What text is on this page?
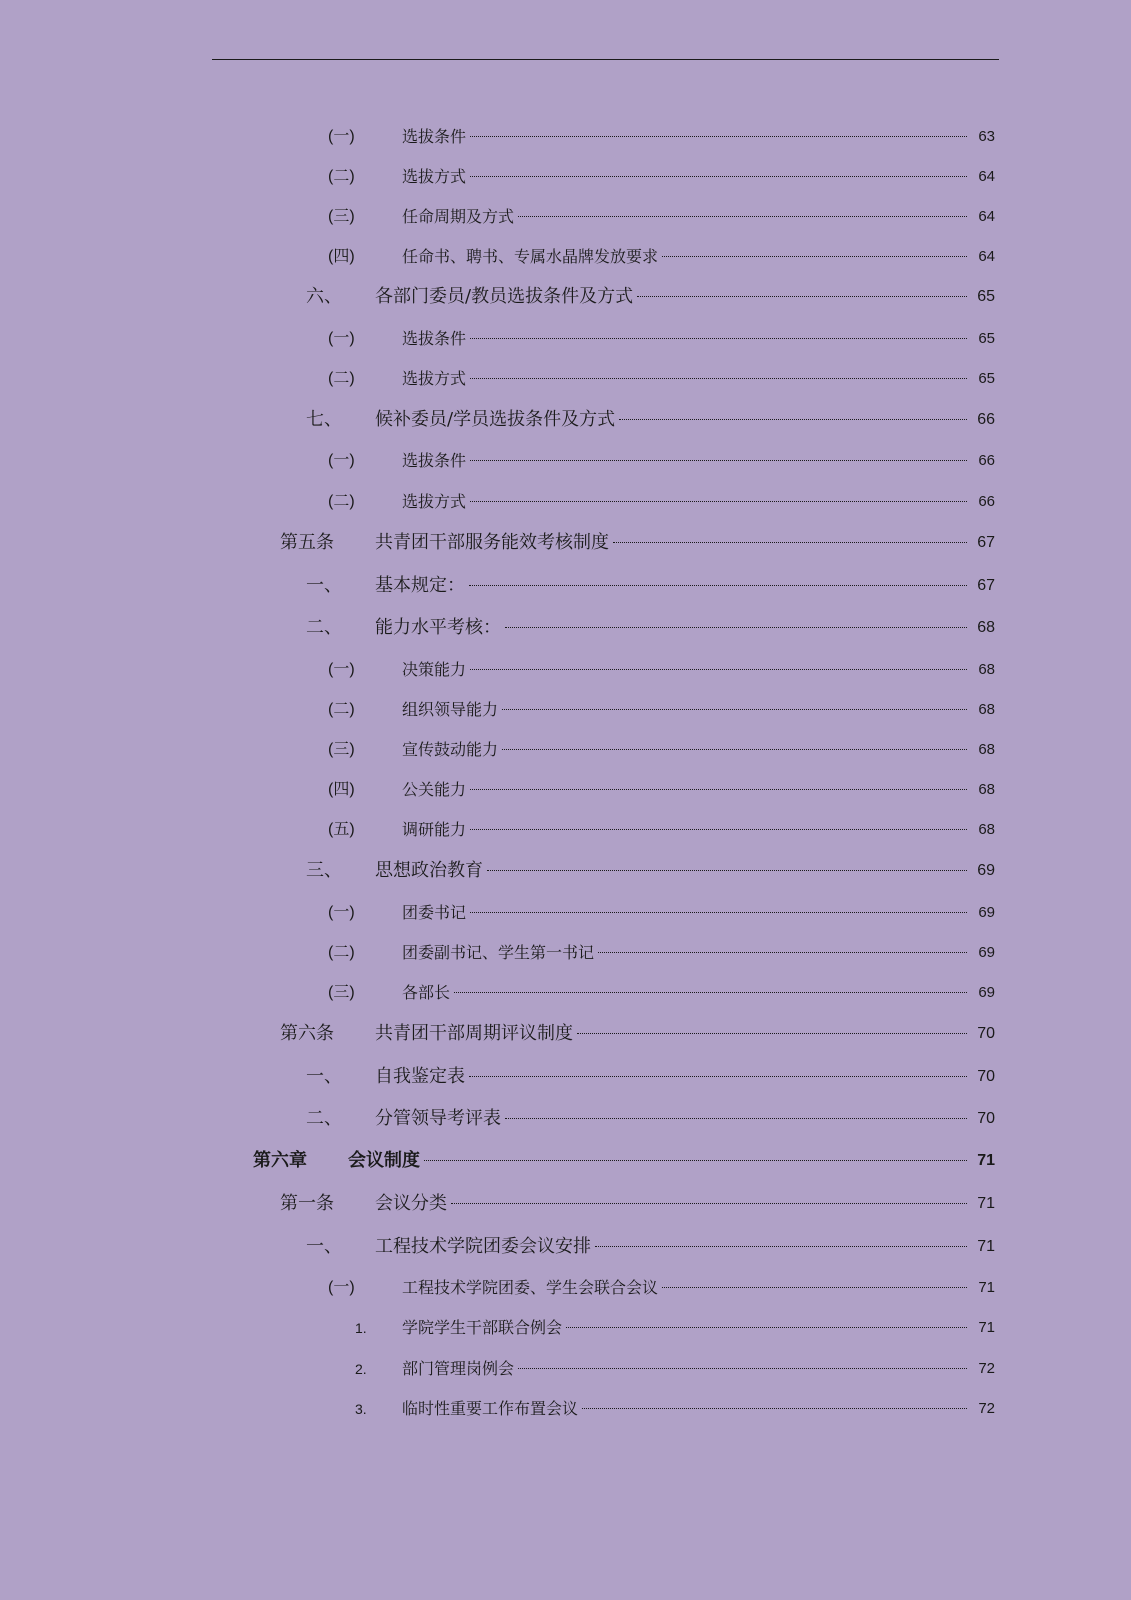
(一)	选拔条件	63
(二)	选拔方式	64
(三)	任命周期及方式	64
(四)	任命书、聘书、专属水晶牌发放要求	64
六、 各部门委员/教员选拔条件及方式	65
(一)	选拔条件	65
(二)	选拔方式	65
七、 候补委员/学员选拔条件及方式	66
(一)	选拔条件	66
(二)	选拔方式	66
第五条 共青团干部服务能效考核制度	67
一、 基本规定：	67
二、 能力水平考核：	68
(一)	决策能力	68
(二)	组织领导能力	68
(三)	宣传鼓动能力	68
(四)	公关能力	68
(五)	调研能力	68
三、 思想政治教育	69
(一)	团委书记	69
(二)	团委副书记、学生第一书记	69
(三)	各部长	69
第六条 共青团干部周期评议制度	70
一、 自我鉴定表	70
二、 分管领导考评表	70
第六章 会议制度	71
第一条 会议分类	71
一、 工程技术学院团委会议安排	71
(一)	工程技术学院团委、学生会联合会议	71
1. 学院学生干部联合例会	71
2. 部门管理岗例会	72
3. 临时性重要工作布置会议	72
